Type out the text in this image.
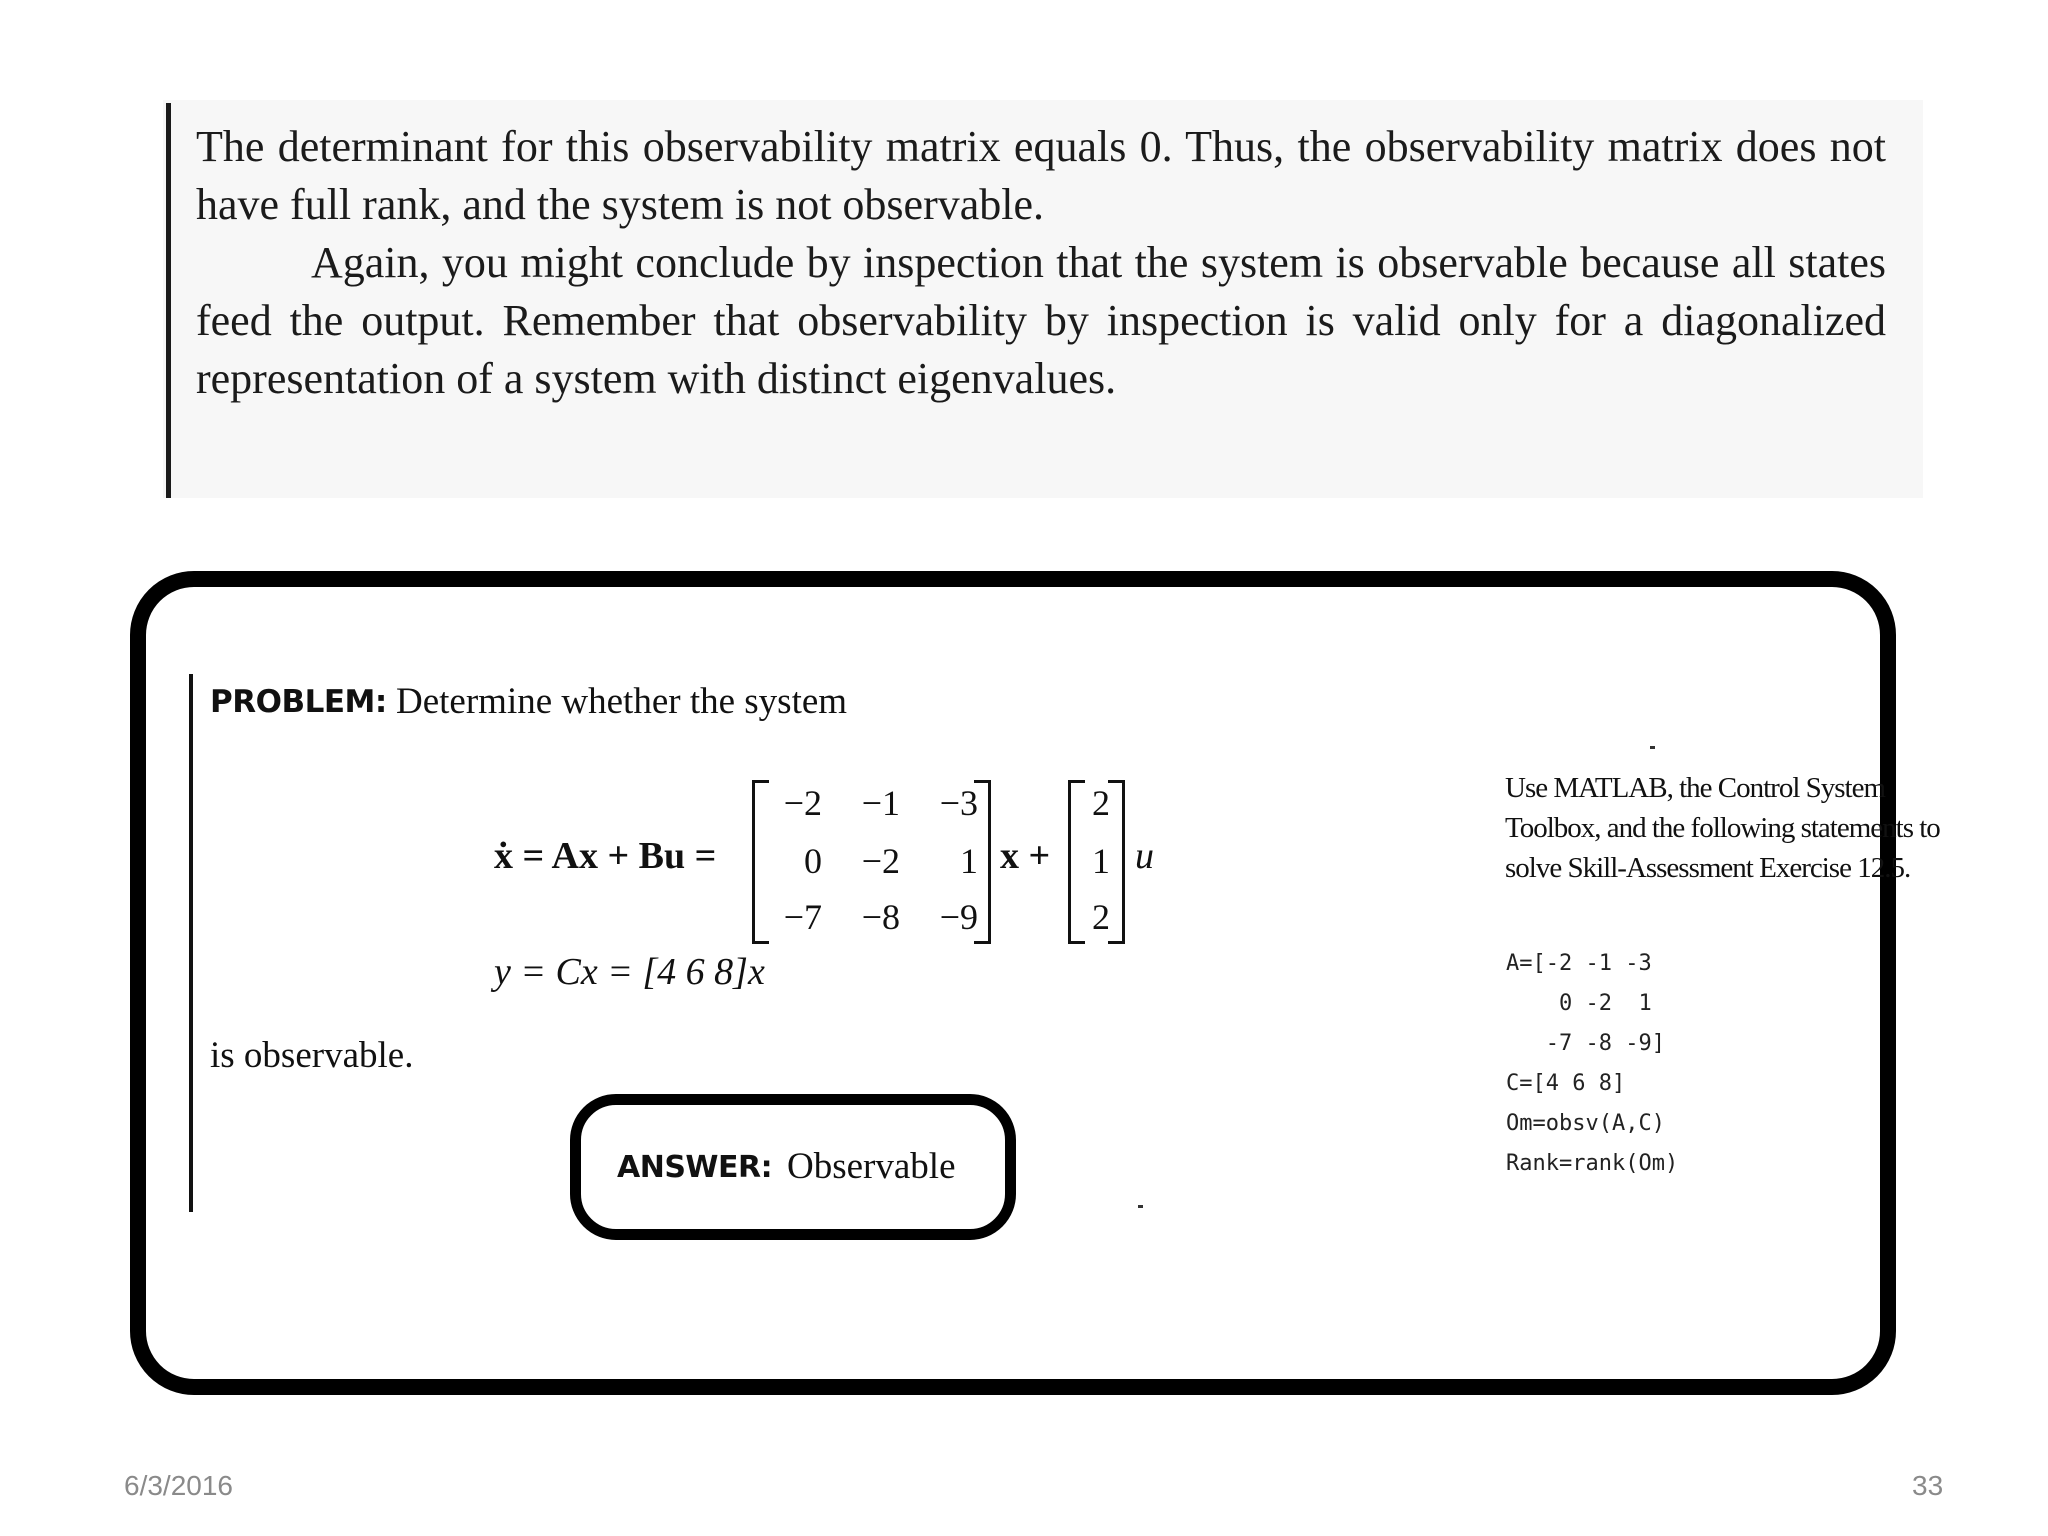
The determinant for this observability matrix equals 0. Thus, the observability matrix does not have full rank, and the system is not observable.

Again, you might conclude by inspection that the system is observable because all states feed the output. Remember that observability by inspection is valid only for a diagonalized representation of a system with distinct eigenvalues.

PROBLEM: Determine whether the system
ẋ = Ax + Bu =	x + u
y = Cx = [4 6 8]x
is observable.
ANSWER: Observable
Use MATLAB, the Control System Toolbox, and the following statements to solve Skill-Assessment Exercise 12.5.
A=[-2 -1 -3
0 -2  1
-7 -8 -9]
C=[4 6 8]
Om=obsv(A,C)
Rank=rank(Om)
6/3/2016	33
−2	−1	−3
0	−2	1
−7	−8	−9
2
1
2
